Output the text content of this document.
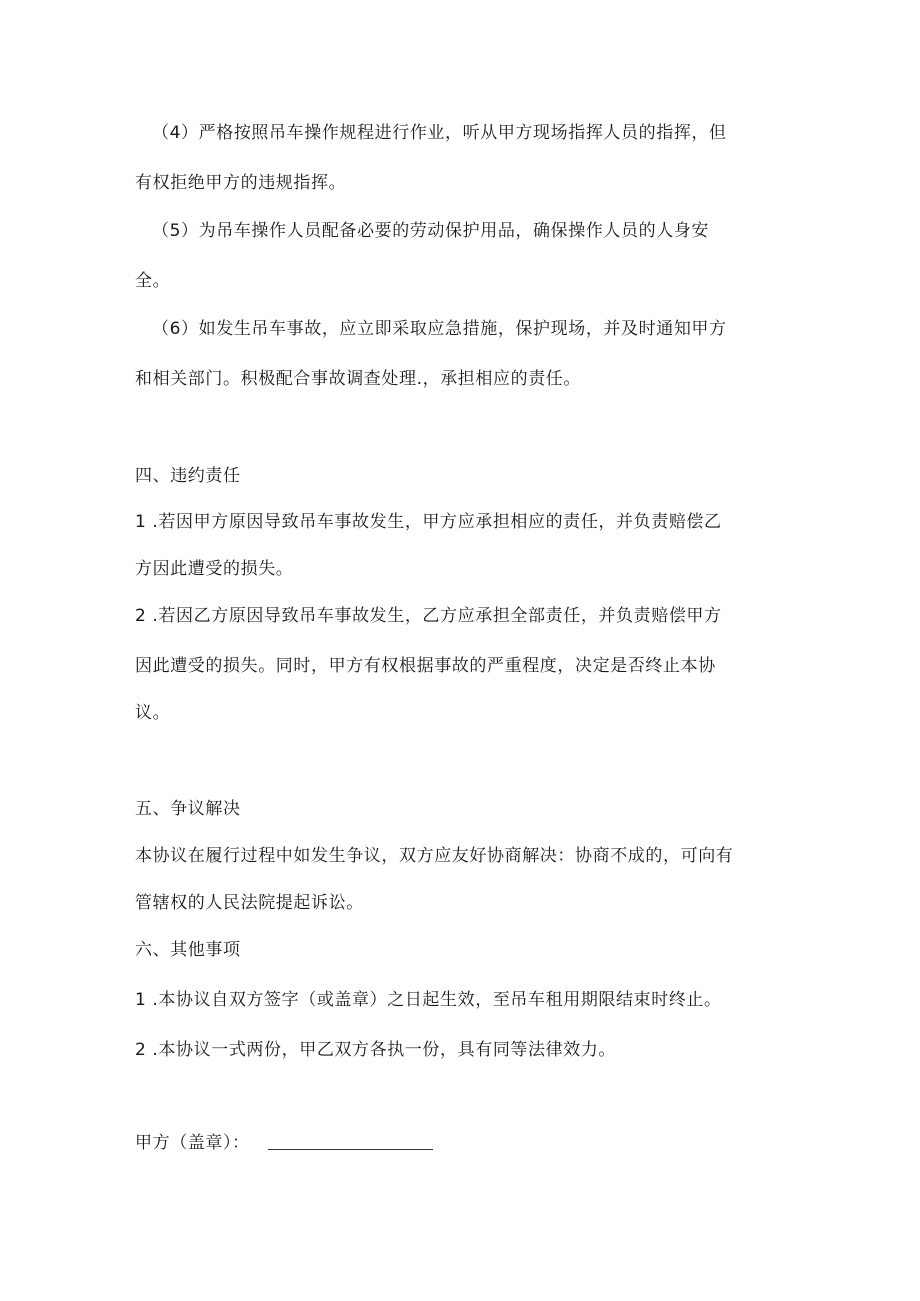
（4）严格按照吊车操作规程进行作业，听从甲方现场指挥人员的指挥，但
有权拒绝甲方的违规指挥。
（5）为吊车操作人员配备必要的劳动保护用品，确保操作人员的人身安
全。
（6）如发生吊车事故，应立即采取应急措施，保护现场，并及时通知甲方
和相关部门。积极配合事故调查处理.，承担相应的责任。
四、违约责任
1 .若因甲方原因导致吊车事故发生，甲方应承担相应的责任，并负责赔偿乙
方因此遭受的损失。
2 .若因乙方原因导致吊车事故发生，乙方应承担全部责任，并负责赔偿甲方
因此遭受的损失。同时，甲方有权根据事故的严重程度，决定是否终止本协
议。
五、争议解决
本协议在履行过程中如发生争议，双方应友好协商解决：协商不成的，可向有
管辖权的人民法院提起诉讼。
六、其他事项
1 .本协议自双方签字（或盖章）之日起生效，至吊车租用期限结束时终止。
2 .本协议一式两份，甲乙双方各执一份，具有同等法律效力。
甲方（盖章）：
